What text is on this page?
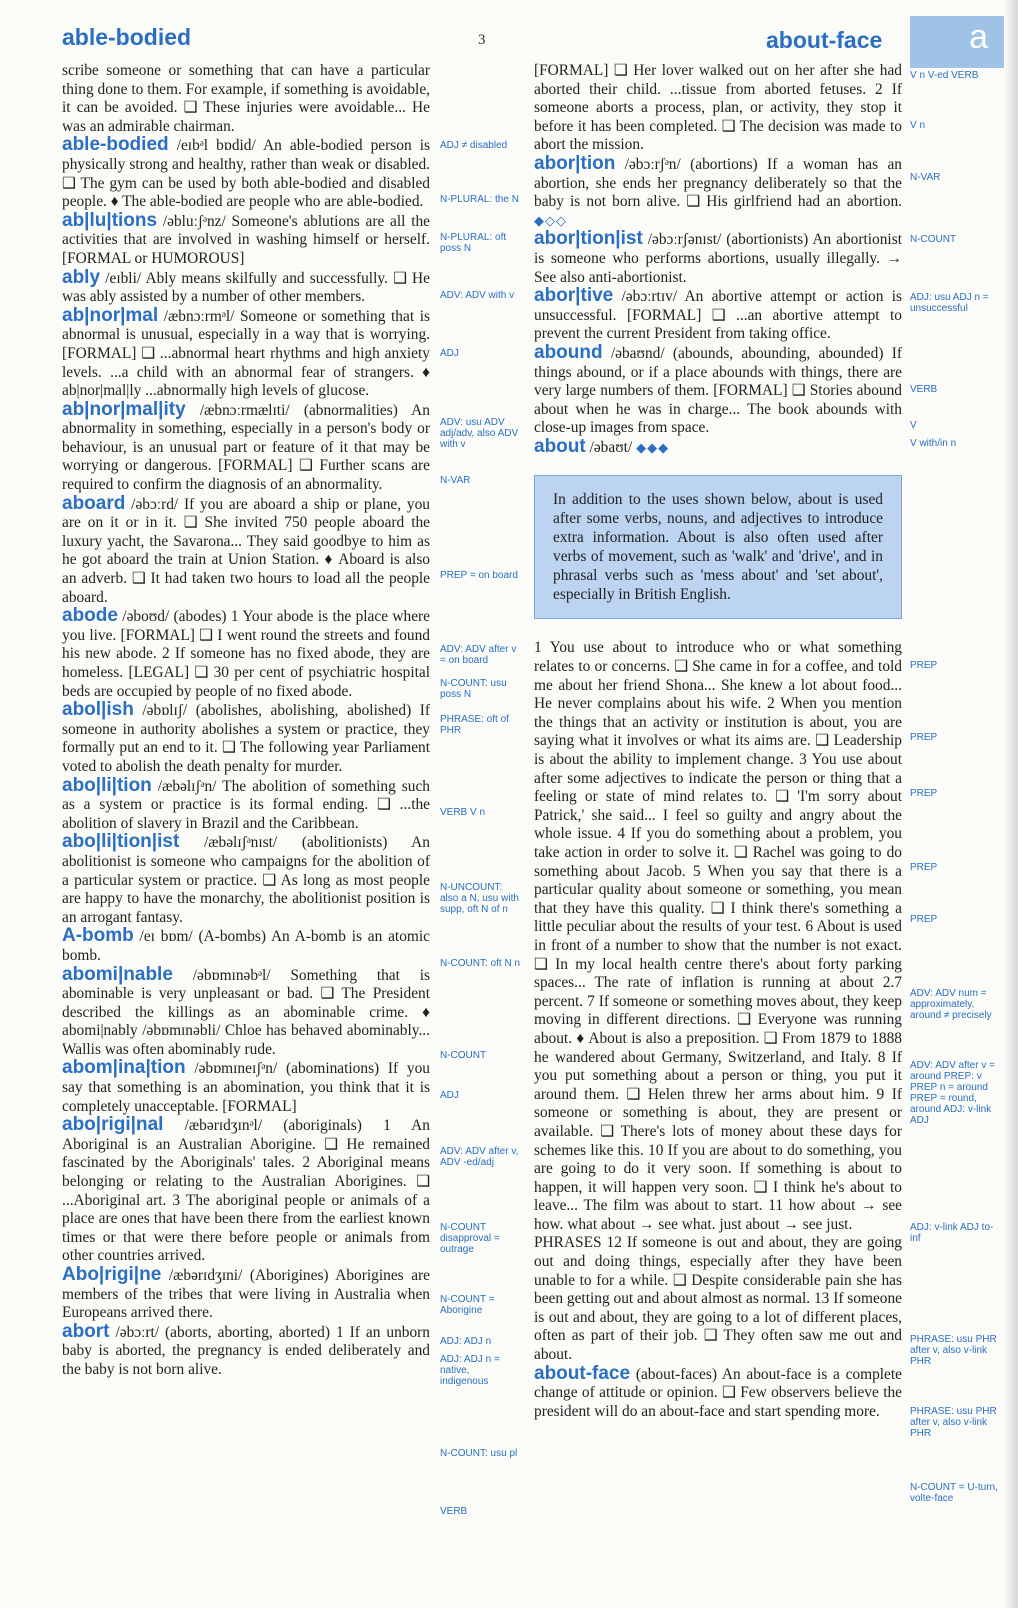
able-bodied	3	about-face	a

scribe someone or something that can have a particular thing done to them. For example, if something is avoidable, it can be avoided. ❑ These injuries were avoidable... He was an admirable chairman.

able-bodied /eɪbᵊl bɒdid/ An able-bodied person is physically strong and healthy, rather than weak or disabled. ❑ The gym can be used by both able-bodied and disabled people. ♦ The able-bodied are people who are able-bodied.

ab|lu|tions /əbluːʃᵊnz/ Someone's ablutions are all the activities that are involved in washing himself or herself. [FORMAL or HUMOROUS]

ably /eɪbli/ Ably means skilfully and successfully. ❑ He was ably assisted by a number of other members.

ab|nor|mal /æbnɔːrmᵊl/ Someone or something that is abnormal is unusual, especially in a way that is worrying. [FORMAL] ❑ ...abnormal heart rhythms and high anxiety levels. ...a child with an abnormal fear of strangers. ♦ ab|nor|mal|ly ...abnormally high levels of glucose.

ab|nor|mal|ity /æbnɔːrmælɪti/ (abnormalities) An abnormality in something, especially in a person's body or behaviour, is an unusual part or feature of it that may be worrying or dangerous. [FORMAL] ❑ Further scans are required to confirm the diagnosis of an abnormality.

aboard /əbɔːrd/ If you are aboard a ship or plane, you are on it or in it. ❑ She invited 750 people aboard the luxury yacht, the Savarona... They said goodbye to him as he got aboard the train at Union Station. ♦ Aboard is also an adverb. ❑ It had taken two hours to load all the people aboard.

abode /əboʊd/ (abodes) 1 Your abode is the place where you live. [FORMAL] ❑ I went round the streets and found his new abode. 2 If someone has no fixed abode, they are homeless. [LEGAL] ❑ 30 per cent of psychiatric hospital beds are occupied by people of no fixed abode.

abol|ish /əbɒlɪʃ/ (abolishes, abolishing, abolished) If someone in authority abolishes a system or practice, they formally put an end to it. ❑ The following year Parliament voted to abolish the death penalty for murder.

abo|li|tion /æbəlɪʃᵊn/ The abolition of something such as a system or practice is its formal ending. ❑ ...the abolition of slavery in Brazil and the Caribbean.

abo|li|tion|ist /æbəlɪʃᵊnɪst/ (abolitionists) An abolitionist is someone who campaigns for the abolition of a particular system or practice. ❑ As long as most people are happy to have the monarchy, the abolitionist position is an arrogant fantasy.

A-bomb /eɪ bɒm/ (A-bombs) An A-bomb is an atomic bomb.

abomi|nable /əbɒmɪnəbᵊl/ Something that is abominable is very unpleasant or bad. ❑ The President described the killings as an abominable crime. ♦ abomi|nably /əbɒmɪnəbli/ Chloe has behaved abominably... Wallis was often abominably rude.

abom|ina|tion /əbɒmɪneɪʃᵊn/ (abominations) If you say that something is an abomination, you think that it is completely unacceptable. [FORMAL]

abo|rigi|nal /æbərɪdʒɪnᵊl/ (aboriginals) 1 An Aboriginal is an Australian Aborigine. ❑ He remained fascinated by the Aboriginals' tales. 2 Aboriginal means belonging or relating to the Australian Aborigines. ❑ ...Aboriginal art. 3 The aboriginal people or animals of a place are ones that have been there from the earliest known times or that were there before people or animals from other countries arrived.

Abo|rigi|ne /æbərɪdʒɪni/ (Aborigines) Aborigines are members of the tribes that were living in Australia when Europeans arrived there.

abort /əbɔːrt/ (aborts, aborting, aborted) 1 If an unborn baby is aborted, the pregnancy is ended deliberately and the baby is not born alive.

ADJ ≠ disabled
N-PLURAL: the N
N-PLURAL: oft poss N
ADV: ADV with v
ADJ
ADV: usu ADV adj/adv, also ADV with v
N-VAR
PREP = on board
ADV: ADV after v = on board
N-COUNT: usu poss N
PHRASE: oft of PHR
VERB V n
N-UNCOUNT: also a N, usu with supp, oft N of n
N-COUNT: oft N n
N-COUNT
ADJ
ADV: ADV after v, ADV -ed/adj
N-COUNT disapproval = outrage
N-COUNT = Aborigine
ADJ: ADJ n
ADJ: ADJ n = native, indigenous
N-COUNT: usu pl
VERB

[FORMAL] ❑ Her lover walked out on her after she had aborted their child. ...tissue from aborted fetuses. 2 If someone aborts a process, plan, or activity, they stop it before it has been completed. ❑ The decision was made to abort the mission.

abor|tion /əbɔːrʃᵊn/ (abortions) If a woman has an abortion, she ends her pregnancy deliberately so that the baby is not born alive. ❑ His girlfriend had an abortion. ◆◇◇

abor|tion|ist /əbɔːrʃənɪst/ (abortionists) An abortionist is someone who performs abortions, usually illegally. → See also anti-abortionist.

abor|tive /əbɔːrtɪv/ An abortive attempt or action is unsuccessful. [FORMAL] ❑ ...an abortive attempt to prevent the current President from taking office.

abound /əbaʊnd/ (abounds, abounding, abounded) If things abound, or if a place abounds with things, there are very large numbers of them. [FORMAL] ❑ Stories abound about when he was in charge... The book abounds with close-up images from space.

about /əbaʊt/ ◆◆◆

In addition to the uses shown below, about is used after some verbs, nouns, and adjectives to introduce extra information. About is also often used after verbs of movement, such as 'walk' and 'drive', and in phrasal verbs such as 'mess about' and 'set about', especially in British English.

1 You use about to introduce who or what something relates to or concerns. ❑ She came in for a coffee, and told me about her friend Shona... She knew a lot about food... He never complains about his wife. 2 When you mention the things that an activity or institution is about, you are saying what it involves or what its aims are. ❑ Leadership is about the ability to implement change. 3 You use about after some adjectives to indicate the person or thing that a feeling or state of mind relates to. ❑ 'I'm sorry about Patrick,' she said... I feel so guilty and angry about the whole issue. 4 If you do something about a problem, you take action in order to solve it. ❑ Rachel was going to do something about Jacob. 5 When you say that there is a particular quality about someone or something, you mean that they have this quality. ❑ I think there's something a little peculiar about the results of your test. 6 About is used in front of a number to show that the number is not exact. ❑ In my local health centre there's about forty parking spaces... The rate of inflation is running at about 2.7 percent. 7 If someone or something moves about, they keep moving in different directions. ❑ Everyone was running about. ♦ About is also a preposition. ❑ From 1879 to 1888 he wandered about Germany, Switzerland, and Italy. 8 If you put something about a person or thing, you put it around them. ❑ Helen threw her arms about him. 9 If someone or something is about, they are present or available. ❑ There's lots of money about these days for schemes like this. 10 If you are about to do something, you are going to do it very soon. If something is about to happen, it will happen very soon. ❑ I think he's about to leave... The film was about to start. 11 how about → see how. what about → see what. just about → see just.

PHRASES 12 If someone is out and about, they are going out and doing things, especially after they have been unable to for a while. ❑ Despite considerable pain she has been getting out and about almost as normal. 13 If someone is out and about, they are going to a lot of different places, often as part of their job. ❑ They often saw me out and about.

about-face (about-faces) An about-face is a complete change of attitude or opinion. ❑ Few observers believe the president will do an about-face and start spending more.

V n V-ed VERB
V n
N-VAR
N-COUNT
ADJ: usu ADJ n = unsuccessful
VERB
V
V with/in n
PREP
PREP
PREP
PREP
PREP
ADV: ADV num = approximately, around ≠ precisely
ADV: ADV after v = around PREP: v PREP n = around PREP = round, around ADJ: v-link ADJ
ADJ: v-link ADJ to-inf
PHRASE: usu PHR after v, also v-link PHR
PHRASE: usu PHR after v, also v-link PHR
N-COUNT = U-turn, volte-face
